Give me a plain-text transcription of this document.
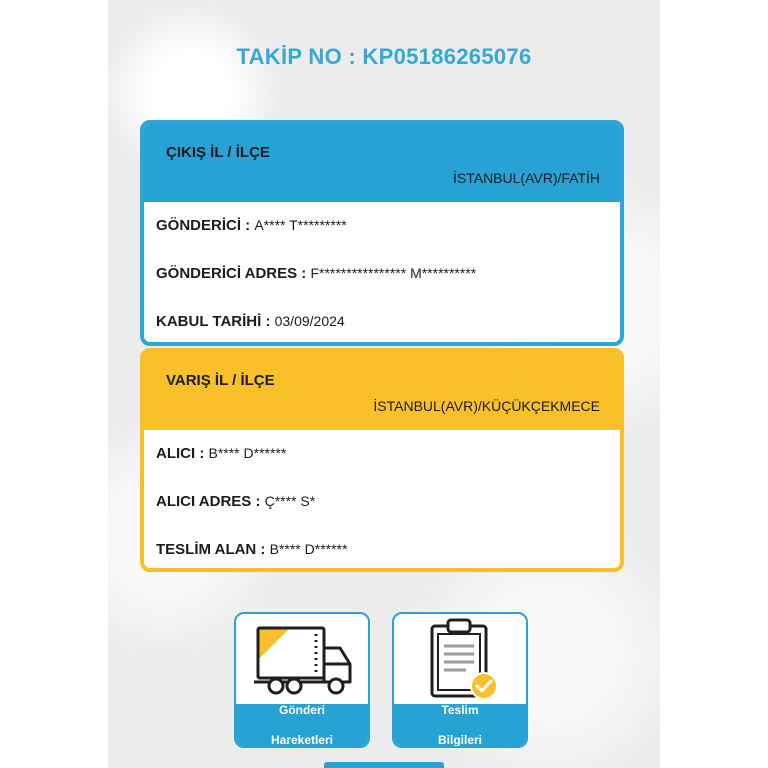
TAKİP NO : KP05186265076
ÇIKIŞ İL / İLÇE
İSTANBUL(AVR)/FATİH
GÖNDERİCİ : A**** T*********
GÖNDERİCİ ADRES : F**************** M**********
KABUL TARİHİ : 03/09/2024
VARIŞ İL / İLÇE
İSTANBUL(AVR)/KÜÇÜKÇEKMECE
ALICI : B**** D******
ALICI ADRES : Ç**** S*
TESLİM ALAN : B**** D******
Gönderi

Hareketleri
Teslim

Bilgileri
